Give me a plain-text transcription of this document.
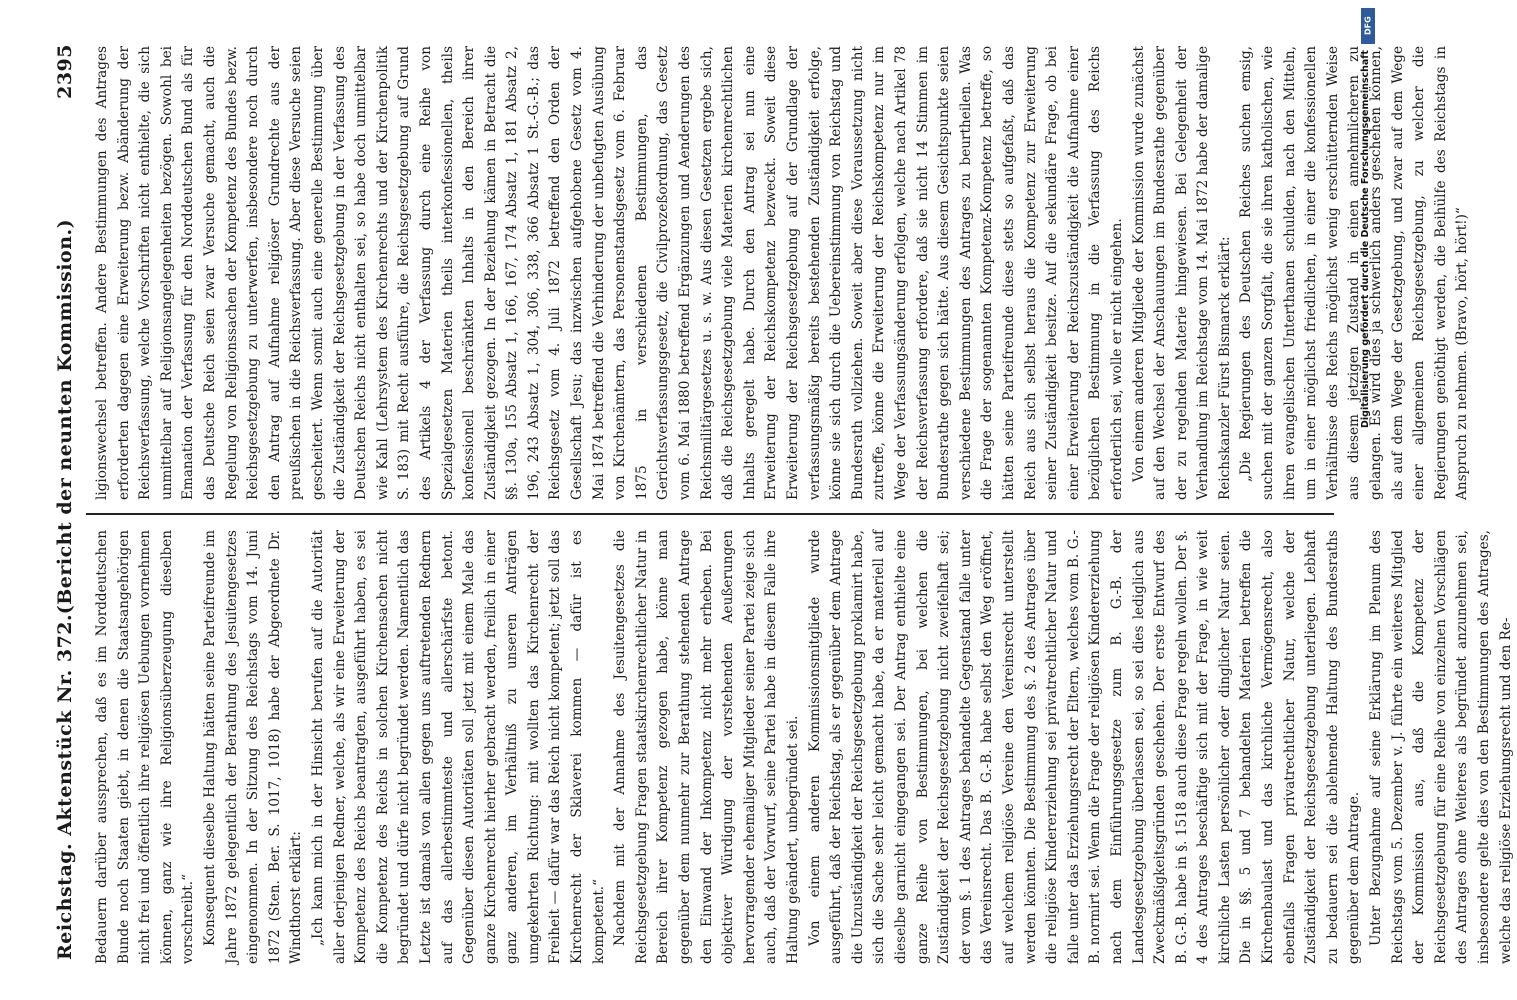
Reichstag. Aktenstück Nr. 372.
(Bericht der neunten Kommission.)2395

Bedauern darüber aussprechen, daß es im Norddeutschen Bunde noch Staaten giebt, in denen die Staatsangehörigen nicht frei und öffentlich ihre religiösen Uebungen vornehmen können, ganz wie ihre Religionsüberzeugung dieselben vorschreibt.“ Konsequent dieselbe Haltung hätten seine Parteifreunde im Jahre 1872 gelegentlich der Berathung des Jesuitengesetzes eingenommen. In der Sitzung des Reichstags vom 14. Juni 1872 (Sten. Ber. S. 1017, 1018) habe der Abgeordnete Dr. Windthorst erklärt: „Ich kann mich in der Hinsicht berufen auf die Autorität aller derjenigen Redner, welche, als wir eine Erweiterung der Kompetenz des Reichs beantragten, ausgeführt haben, es sei die Kompetenz des Reichs in solchen Kirchensachen nicht begründet und dürfe nicht begründet werden. Namentlich das Letzte ist damals von allen gegen uns auftretenden Rednern auf das allerbestimmteste und allerschärfste betont. Gegenüber diesen Autoritäten soll jetzt mit einem Male das ganze Kirchenrecht hierher gebracht werden, freilich in einer ganz anderen, im Verhältniß zu unseren Anträgen umgekehrten Richtung: mit wollten das Kirchenrecht der Freiheit — dafür war das Reich nicht kompetent; jetzt soll das Kirchenrecht der Sklaverei kommen — dafür ist es kompetent.“ Nachdem mit der Annahme des Jesuitengesetzes die Reichsgesetzgebung Fragen staatskirchenrechtlicher Natur in Bereich ihrer Kompetenz gezogen habe, könne man gegenüber dem nunmehr zur Berathung stehenden Antrage den Einwand der Inkompetenz nicht mehr erheben. Bei objektiver Würdigung der vorstehenden Aeußerungen hervorragender ehemaliger Mitglieder seiner Partei zeige sich auch, daß der Vorwurf, seine Partei habe in diesem Falle ihre Haltung geändert, unbegründet sei. Von einem anderen Kommissionsmitgliede wurde ausgeführt, daß der Reichstag, als er gegenüber dem Antrage die Unzuständigkeit der Reichsgesetzgebung proklamirt habe, sich die Sache sehr leicht gemacht habe, da er materiell auf dieselbe garnicht eingegangen sei. Der Antrag enthielte eine ganze Reihe von Bestimmungen, bei welchen die Zuständigkeit der Reichsgesetzgebung nicht zweifelhaft sei; der vom §. 1 des Antrages behandelte Gegenstand falle unter das Vereinsrecht. Das B. G.-B. habe selbst den Weg eröffnet, auf welchem religiöse Vereine den Vereinsrecht unterstellt werden könnten. Die Bestimmung des §. 2 des Antrages über die religiöse Kindererziehung sei privatrechtlicher Natur und falle unter das Erziehungsrecht der Eltern, welches vom B. G.-B. normirt sei. Wenn die Frage der religiösen Kindererziehung nach dem Einführungsgesetze zum B. G.-B. der Landesgesetzgebung überlassen sei, so sei dies lediglich aus Zweckmäßigkeitsgründen geschehen. Der erste Entwurf des B. G.-B. habe in §. 1518 auch diese Frage regeln wollen. Der §. 4 des Antrages beschäftige sich mit der Frage, in wie weit kirchliche Lasten persönlicher oder dinglicher Natur seien. Die in §§. 5 und 7 behandelten Materien betreffen die Kirchenbaulast und das kirchliche Vermögensrecht, also ebenfalls Fragen privatrechtlicher Natur, welche der Zuständigkeit der Reichsgesetzgebung unterliegen. Lebhaft zu bedauern sei die ablehnende Haltung des Bundesraths gegenüber dem Antrage. Unter Bezugnahme auf seine Erklärung im Plenum des Reichstags vom 5. Dezember v. J. führte ein weiteres Mitglied der Kommission aus, daß die Kompetenz der Reichsgesetzgebung für eine Reihe von einzelnen Vorschlägen des Antrages ohne Weiteres als begründet anzunehmen sei, insbesondere gelte dies von den Bestimmungen des Antrages, welche das religiöse Erziehungsrecht und den Re-

ligionswechsel betreffen. Andere Bestimmungen des Antrages erforderten dagegen eine Erweiterung bezw. Abänderung der Reichsverfassung, welche Vorschriften nicht enthielte, die sich unmittelbar auf Religionsangelegenheiten bezögen. Sowohl bei Emanation der Verfassung für den Norddeutschen Bund als für das Deutsche Reich seien zwar Versuche gemacht, auch die Regelung von Religionssachen der Kompetenz des Bundes bezw. Reichsgesetzgebung zu unterwerfen, insbesondere noch durch den Antrag auf Aufnahme religiöser Grundrechte aus der preußischen in die Reichsverfassung. Aber diese Versuche seien gescheitert. Wenn somit auch eine generelle Bestimmung über die Zuständigkeit der Reichsgesetzgebung in der Verfassung des Deutschen Reichs nicht enthalten sei, so habe doch unmittelbar wie Kahl (Lehrsystem des Kirchenrechts und der Kirchenpolitik S. 183) mit Recht ausführe, die Reichsgesetzgebung auf Grund des Artikels 4 der Verfassung durch eine Reihe von Spezialgesetzen Materien theils interkonfessionellen, theils konfessionell beschränkten Inhalts in den Bereich ihrer Zuständigkeit gezogen. In der Beziehung kämen in Betracht die §§. 130a, 155 Absatz 1, 166, 167, 174 Absatz 1, 181 Absatz 2, 196, 243 Absatz 1, 304, 306, 338, 366 Absatz 1 St.-G.-B.; das Reichsgesetz vom 4. Juli 1872 betreffend den Orden der Gesellschaft Jesu; das inzwischen aufgehobene Gesetz vom 4. Mai 1874 betreffend die Verhinderung der unbefugten Ausübung von Kirchenämtern, das Personenstandsgesetz vom 6. Februar 1875 in verschiedenen Bestimmungen, das Gerichtsverfassungsgesetz, die Civilprozeßordnung, das Gesetz vom 6. Mai 1880 betreffend Ergänzungen und Aenderungen des Reichsmilitärgesetzes u. s. w. Aus diesen Gesetzen ergebe sich, daß die Reichsgesetzgebung viele Materien kirchenrechtlichen Inhalts geregelt habe. Durch den Antrag sei nun eine Erweiterung der Reichskompetenz bezweckt. Soweit diese Erweiterung der Reichsgesetzgebung auf der Grundlage der verfassungsmäßig bereits bestehenden Zuständigkeit erfolge, könne sie sich durch die Uebereinstimmung von Reichstag und Bundesrath vollziehen. Soweit aber diese Voraussetzung nicht zutreffe, könne die Erweiterung der Reichskompetenz nur im Wege der Verfassungsänderung erfolgen, welche nach Artikel 78 der Reichsverfassung erfordere, daß sie nicht 14 Stimmen im Bundesrathe gegen sich hätte. Aus diesem Gesichtspunkte seien verschiedene Bestimmungen des Antrages zu beurtheilen. Was die Frage der sogenannten Kompetenz-Kompetenz betreffe, so hätten seine Parteifreunde diese stets so aufgefaßt, daß das Reich aus sich selbst heraus die Kompetenz zur Erweiterung seiner Zuständigkeit besitze. Auf die sekundäre Frage, ob bei einer Erweiterung der Reichszuständigkeit die Aufnahme einer bezüglichen Bestimmung in die Verfassung des Reichs erforderlich sei, wolle er nicht eingehen. Von einem anderen Mitgliede der Kommission wurde zunächst auf den Wechsel der Anschauungen im Bundesrathe gegenüber der zu regelnden Materie hingewiesen. Bei Gelegenheit der Verhandlung im Reichstage vom 14. Mai 1872 habe der damalige Reichskanzler Fürst Bismarck erklärt: „Die Regierungen des Deutschen Reiches suchen emsig, suchen mit der ganzen Sorgfalt, die sie ihren katholischen, wie ihren evangelischen Unterthanen schulden, nach den Mitteln, um in einer möglichst friedlichen, in einer die konfessionellen Verhältnisse des Reichs möglichst wenig erschütternden Weise aus diesem jetzigen Zustand in einen annehmlicheren zu gelangen. Es wird dies ja schwerlich anders geschehen können, als auf dem Wege der Gesetzgebung, und zwar auf dem Wege einer allgemeinen Reichsgesetzgebung, zu welcher die Regierungen genöthigt werden, die Beihülfe des Reichstags in Anspruch zu nehmen. (Bravo, hört, hört!)“

DFG
Digitalisierung gefördert durch die Deutsche Forschungsgemeinschaft
